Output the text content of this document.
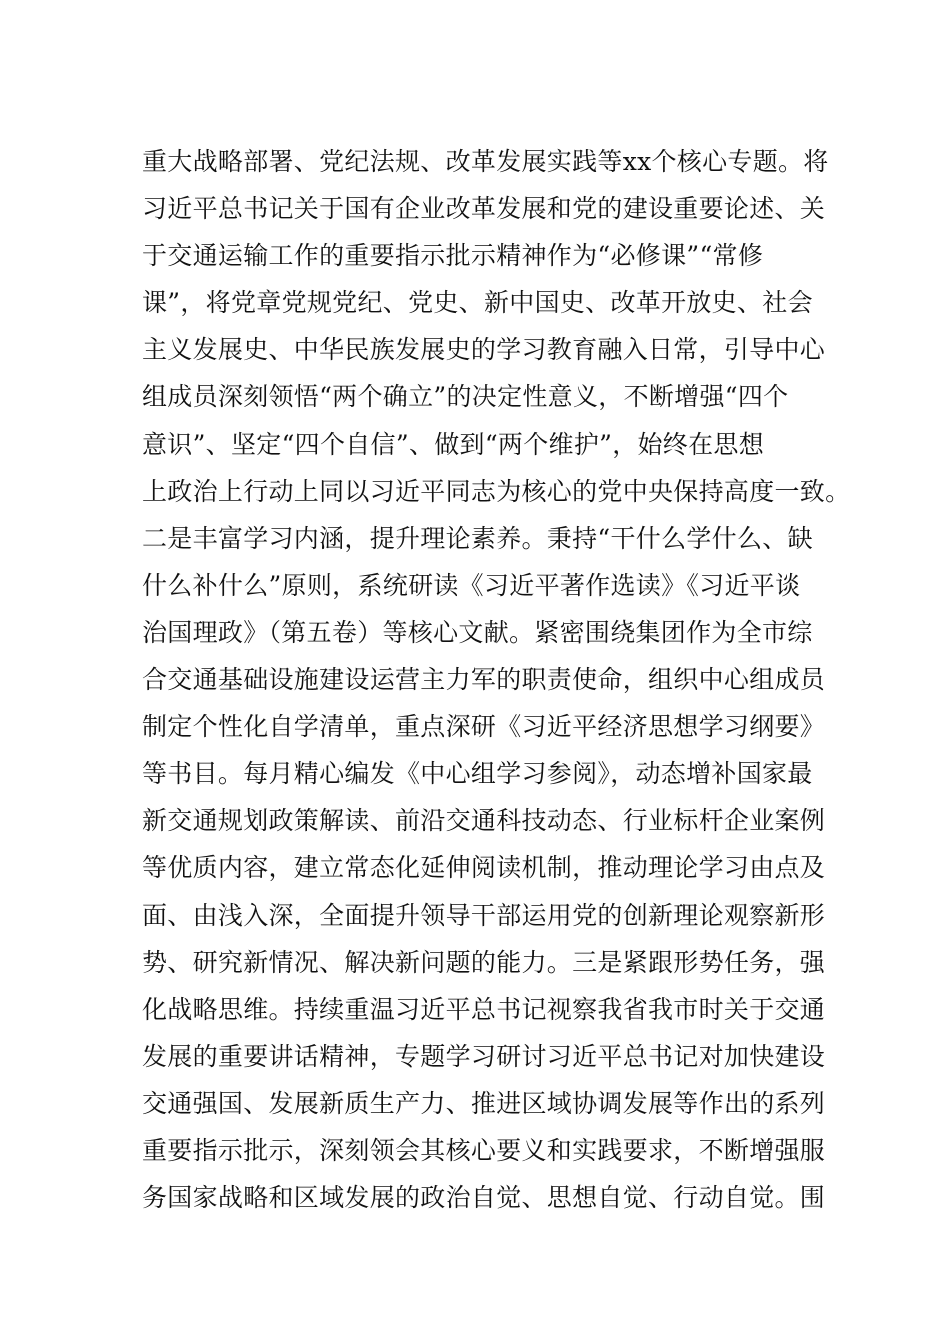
重大战略部署、党纪法规、改革发展实践等xx个核心专题。将
习近平总书记关于国有企业改革发展和党的建设重要论述、关
于交通运输工作的重要指示批示精神作为“必修课”“常修
课”，将党章党规党纪、党史、新中国史、改革开放史、社会
主义发展史、中华民族发展史的学习教育融入日常，引导中心
组成员深刻领悟“两个确立”的决定性意义，不断增强“四个
意识”、坚定“四个自信”、做到“两个维护”，始终在思想
上政治上行动上同以习近平同志为核心的党中央保持高度一致。
二是丰富学习内涵，提升理论素养。秉持“干什么学什么、缺
什么补什么”原则，系统研读《习近平著作选读》《习近平谈
治国理政》（第五卷）等核心文献。紧密围绕集团作为全市综
合交通基础设施建设运营主力军的职责使命，组织中心组成员
制定个性化自学清单，重点深研《习近平经济思想学习纲要》
等书目。每月精心编发《中心组学习参阅》，动态增补国家最
新交通规划政策解读、前沿交通科技动态、行业标杆企业案例
等优质内容，建立常态化延伸阅读机制，推动理论学习由点及
面、由浅入深，全面提升领导干部运用党的创新理论观察新形
势、研究新情况、解决新问题的能力。三是紧跟形势任务，强
化战略思维。持续重温习近平总书记视察我省我市时关于交通
发展的重要讲话精神，专题学习研讨习近平总书记对加快建设
交通强国、发展新质生产力、推进区域协调发展等作出的系列
重要指示批示，深刻领会其核心要义和实践要求，不断增强服
务国家战略和区域发展的政治自觉、思想自觉、行动自觉。围
